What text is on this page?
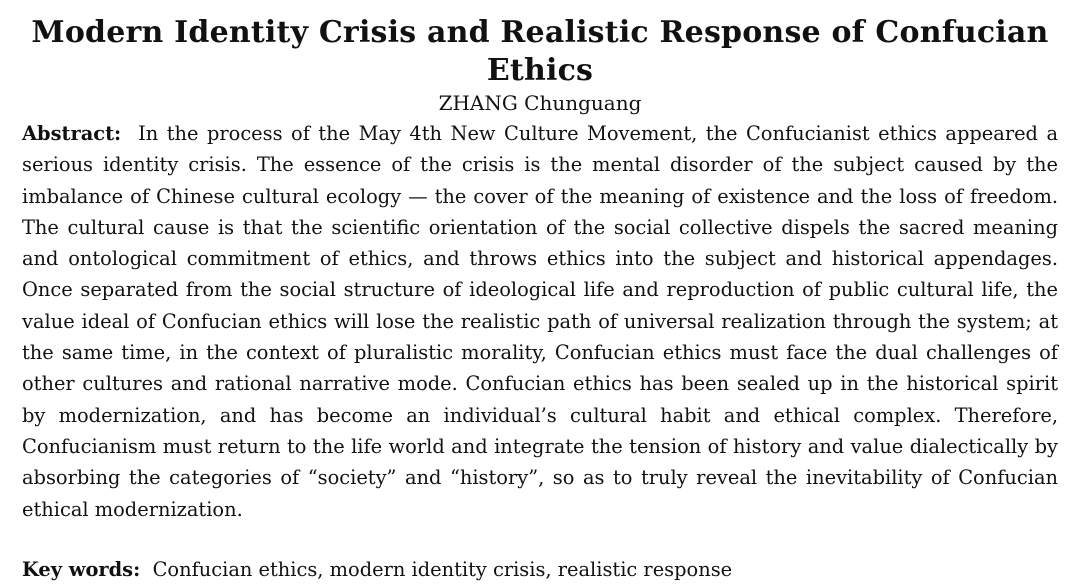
Modern Identity Crisis and Realistic Response of Confucian Ethics
ZHANG Chunguang

Abstract: In the process of the May 4th New Culture Movement, the Confucianist ethics appeared a serious identity crisis. The essence of the crisis is the mental disorder of the subject caused by the imbalance of Chinese cultural ecology — the cover of the meaning of existence and the loss of freedom. The cultural cause is that the scientific orientation of the social collective dispels the sacred meaning and ontological commitment of ethics, and throws ethics into the subject and historical appendages. Once separated from the social structure of ideological life and reproduction of public cultural life, the value ideal of Confucian ethics will lose the realistic path of universal realization through the system; at the same time, in the context of pluralistic morality, Confucian ethics must face the dual challenges of other cultures and rational narrative mode. Confucian ethics has been sealed up in the historical spirit by modernization, and has become an individual’s cultural habit and ethical complex. Therefore, Confucianism must return to the life world and integrate the tension of history and value dialectically by absorbing the categories of “society” and “history”, so as to truly reveal the inevitability of Confucian ethical modernization.

Key words: Confucian ethics, modern identity crisis, realistic response
